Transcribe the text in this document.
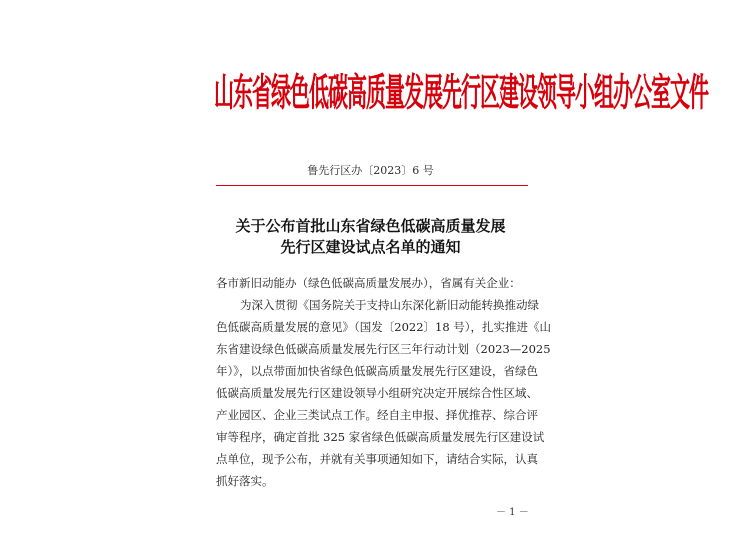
山东省绿色低碳高质量发展先行区建设领导小组办公室文件
鲁先行区办〔2023〕6 号
关于公布首批山东省绿色低碳高质量发展
先行区建设试点名单的通知
各市新旧动能办（绿色低碳高质量发展办），省属有关企业：
为深入贯彻《国务院关于支持山东深化新旧动能转换推动绿
色低碳高质量发展的意见》（国发〔2022〕18 号），扎实推进《山
东省建设绿色低碳高质量发展先行区三年行动计划（2023—2025
年）》，以点带面加快省绿色低碳高质量发展先行区建设，省绿色
低碳高质量发展先行区建设领导小组研究决定开展综合性区域、
产业园区、企业三类试点工作。经自主申报、择优推荐、综合评
审等程序，确定首批 325 家省绿色低碳高质量发展先行区建设试
点单位，现予公布，并就有关事项通知如下，请结合实际，认真
抓好落实。
－ 1 －
